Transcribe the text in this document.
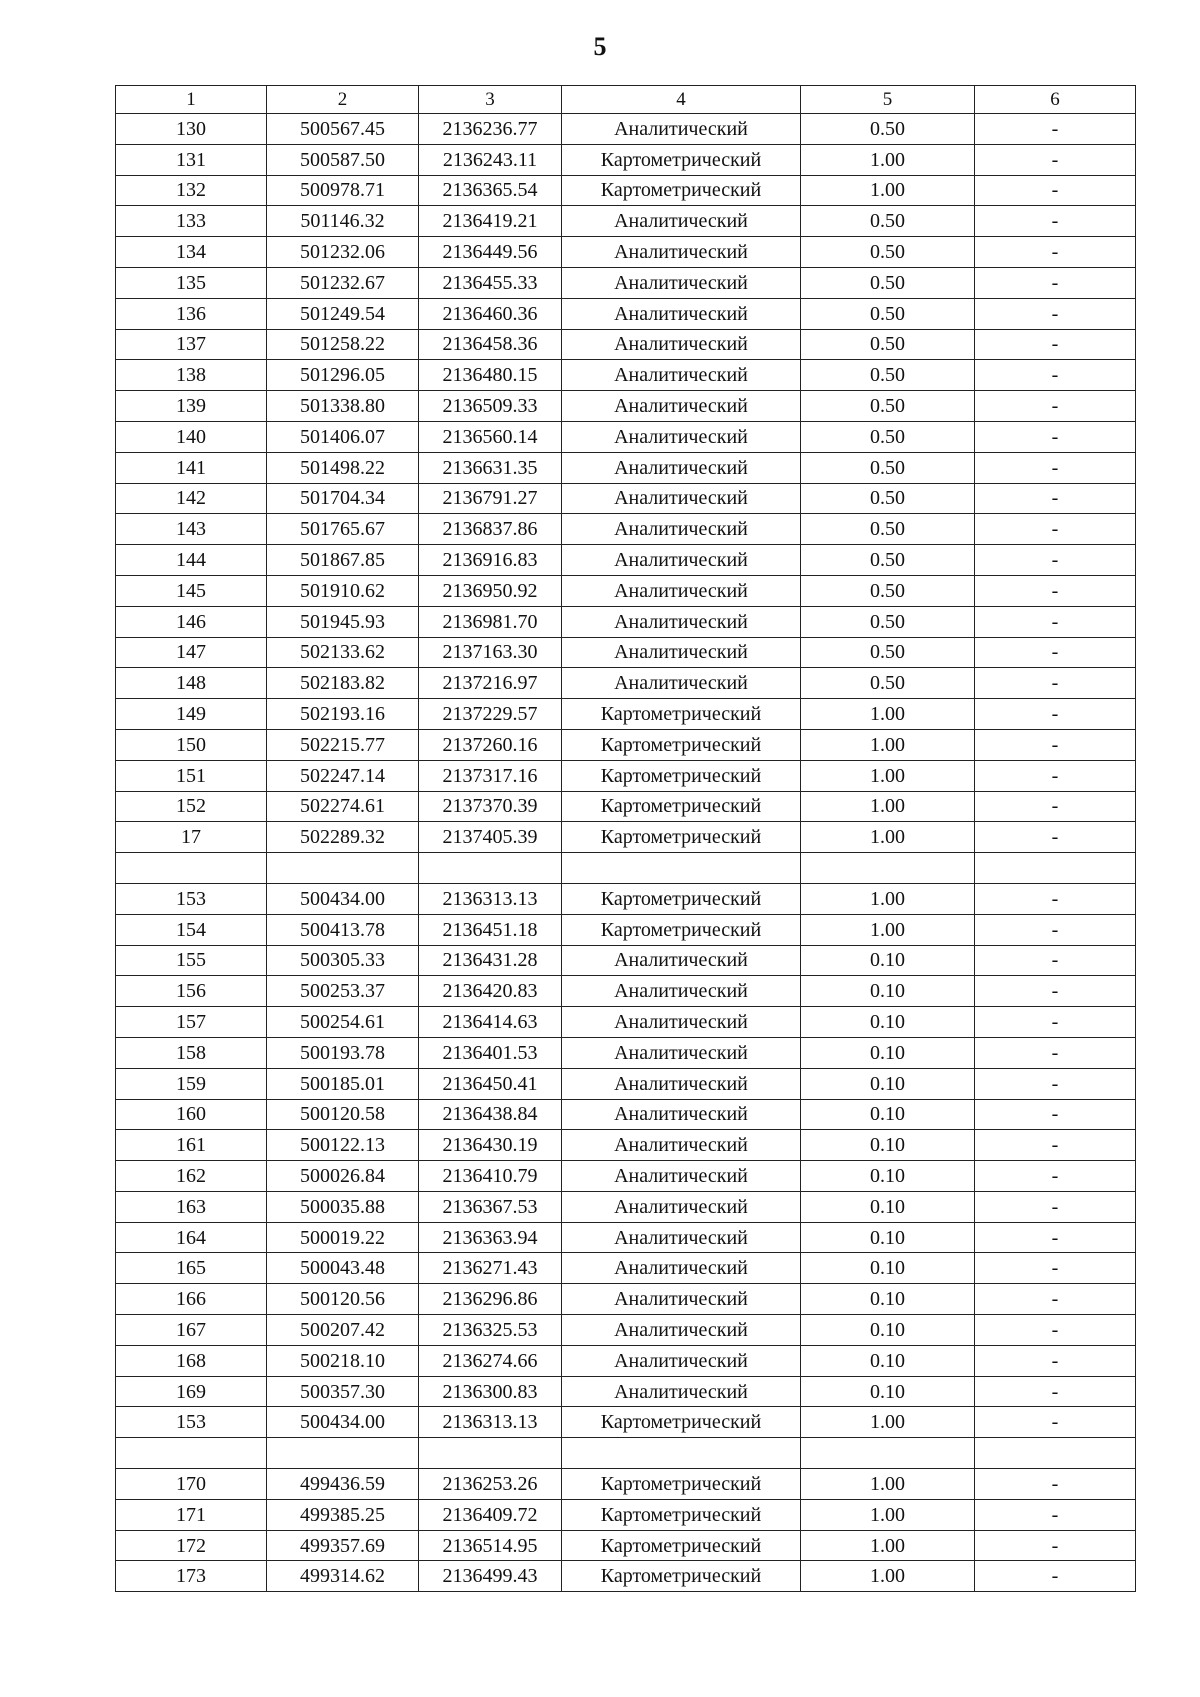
5
1	2	3	4	5	6
130	500567.45	2136236.77	Аналитический	0.50	-
131	500587.50	2136243.11	Картометрический	1.00	-
132	500978.71	2136365.54	Картометрический	1.00	-
133	501146.32	2136419.21	Аналитический	0.50	-
134	501232.06	2136449.56	Аналитический	0.50	-
135	501232.67	2136455.33	Аналитический	0.50	-
136	501249.54	2136460.36	Аналитический	0.50	-
137	501258.22	2136458.36	Аналитический	0.50	-
138	501296.05	2136480.15	Аналитический	0.50	-
139	501338.80	2136509.33	Аналитический	0.50	-
140	501406.07	2136560.14	Аналитический	0.50	-
141	501498.22	2136631.35	Аналитический	0.50	-
142	501704.34	2136791.27	Аналитический	0.50	-
143	501765.67	2136837.86	Аналитический	0.50	-
144	501867.85	2136916.83	Аналитический	0.50	-
145	501910.62	2136950.92	Аналитический	0.50	-
146	501945.93	2136981.70	Аналитический	0.50	-
147	502133.62	2137163.30	Аналитический	0.50	-
148	502183.82	2137216.97	Аналитический	0.50	-
149	502193.16	2137229.57	Картометрический	1.00	-
150	502215.77	2137260.16	Картометрический	1.00	-
151	502247.14	2137317.16	Картометрический	1.00	-
152	502274.61	2137370.39	Картометрический	1.00	-
17	502289.32	2137405.39	Картометрический	1.00	-

153	500434.00	2136313.13	Картометрический	1.00	-
154	500413.78	2136451.18	Картометрический	1.00	-
155	500305.33	2136431.28	Аналитический	0.10	-
156	500253.37	2136420.83	Аналитический	0.10	-
157	500254.61	2136414.63	Аналитический	0.10	-
158	500193.78	2136401.53	Аналитический	0.10	-
159	500185.01	2136450.41	Аналитический	0.10	-
160	500120.58	2136438.84	Аналитический	0.10	-
161	500122.13	2136430.19	Аналитический	0.10	-
162	500026.84	2136410.79	Аналитический	0.10	-
163	500035.88	2136367.53	Аналитический	0.10	-
164	500019.22	2136363.94	Аналитический	0.10	-
165	500043.48	2136271.43	Аналитический	0.10	-
166	500120.56	2136296.86	Аналитический	0.10	-
167	500207.42	2136325.53	Аналитический	0.10	-
168	500218.10	2136274.66	Аналитический	0.10	-
169	500357.30	2136300.83	Аналитический	0.10	-
153	500434.00	2136313.13	Картометрический	1.00	-

170	499436.59	2136253.26	Картометрический	1.00	-
171	499385.25	2136409.72	Картометрический	1.00	-
172	499357.69	2136514.95	Картометрический	1.00	-
173	499314.62	2136499.43	Картометрический	1.00	-
